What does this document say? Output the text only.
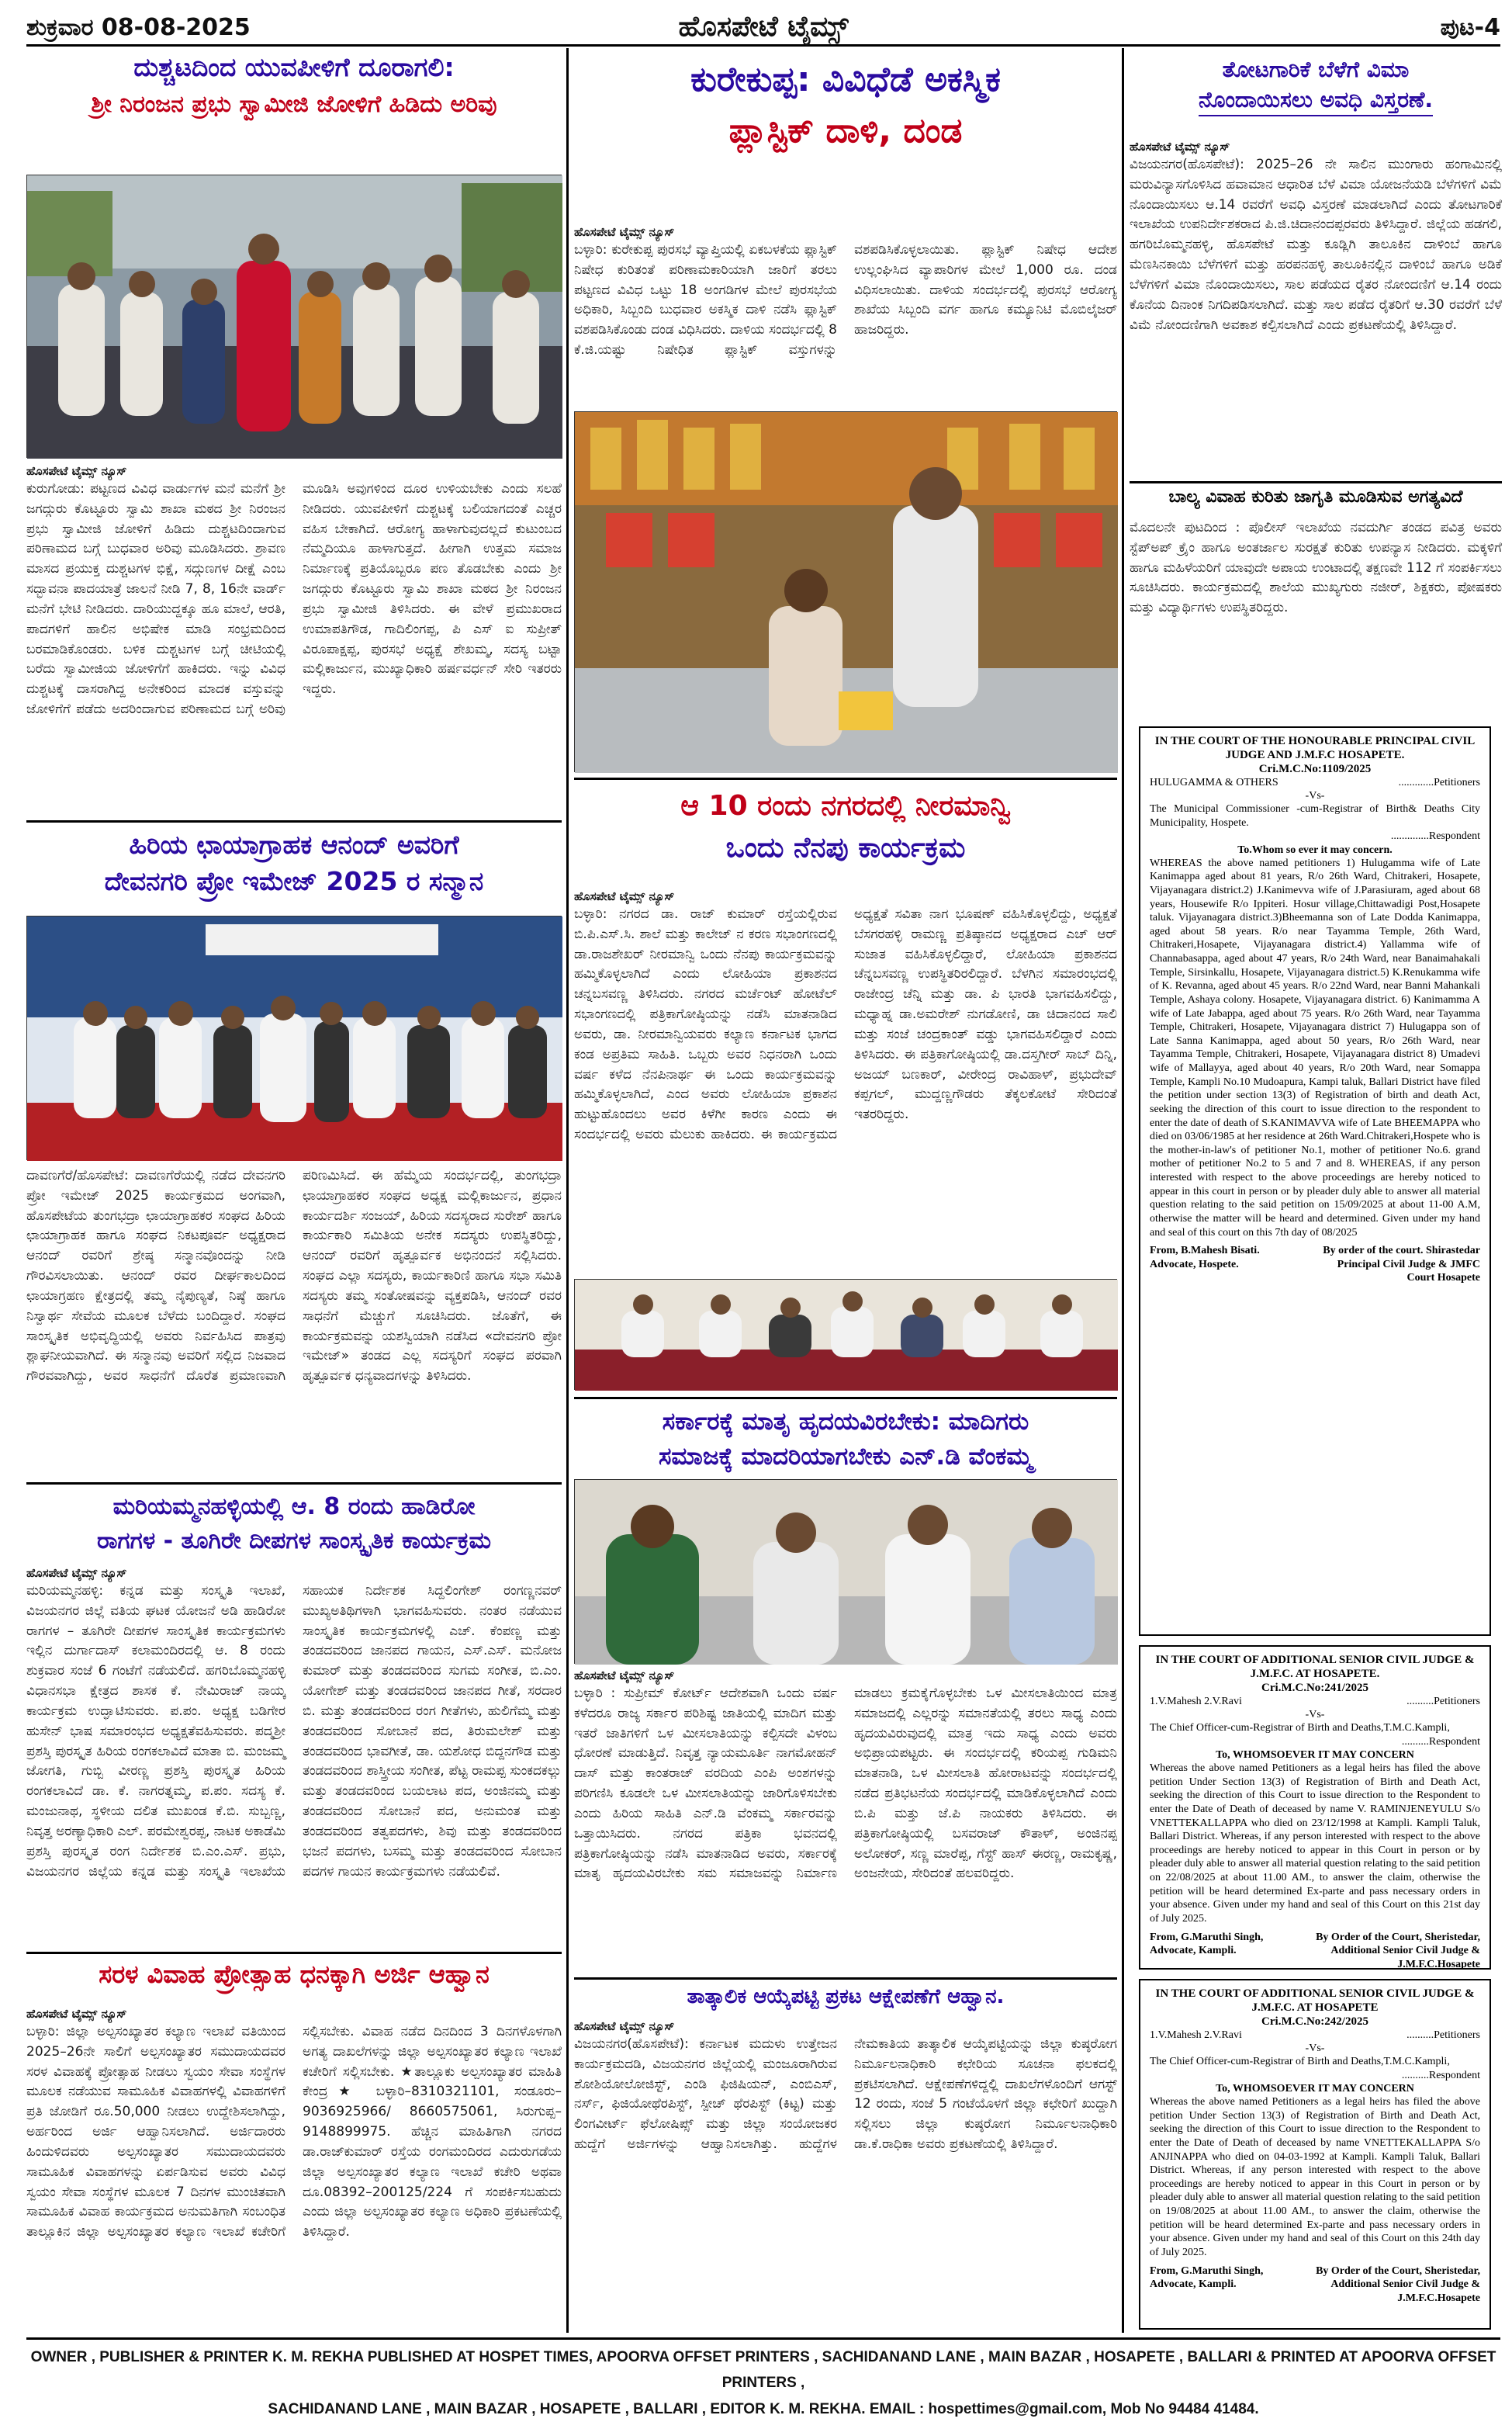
ಶುಕ್ರವಾರ 08-08-2025	ಹೊಸಪೇಟೆ ಟೈಮ್ಸ್	ಪುಟ-4
ದುಶ್ಚಟದಿಂದ ಯುವಪೀಳಿಗೆ ದೂರಾಗಲಿ:
ಶ್ರೀ ನಿರಂಜನ ಪ್ರಭು ಸ್ವಾಮೀಜಿ ಜೋಳಿಗೆ ಹಿಡಿದು ಅರಿವು
ಹೊಸಪೇಟೆ ಟೈಮ್ಸ್ ನ್ಯೂಸ್
ಕುರುಗೋಡು: ಪಟ್ಟಣದ ವಿವಿಧ ವಾರ್ಡುಗಳ ಮನೆ ಮನೆಗೆ ಶ್ರೀ ಜಗದ್ಗುರು ಕೊಟ್ಟೂರು ಸ್ವಾಮಿ ಶಾಖಾ ಮಠದ ಶ್ರೀ ನಿರಂಜನ ಪ್ರಭು ಸ್ವಾಮೀಜಿ ಜೋಳಿಗೆ ಹಿಡಿದು ದುಶ್ಚಟದಿಂದಾಗುವ ಪರಿಣಾಮದ ಬಗ್ಗೆ ಬುಧವಾರ ಅರಿವು ಮೂಡಿಸಿದರು. ಶ್ರಾವಣ ಮಾಸದ ಪ್ರಯುಕ್ತ ದುಶ್ಚಟಗಳ ಭಿಕ್ಷೆ, ಸದ್ಗುಣಗಳ ದೀಕ್ಷೆ ಎಂಬ ಸದ್ಭಾವನಾ ಪಾದಯಾತ್ರೆ ಜಾಲನೆ ನೀಡಿ 7, 8, 16ನೇ ವಾರ್ಡ್ ಮನೆಗೆ ಭೇಟಿ ನೀಡಿದರು. ದಾರಿಯುದ್ದಕ್ಕೂ ಹೂ ಮಾಲೆ, ಆರತಿ, ಪಾದಗಳಿಗೆ ಹಾಲಿನ ಅಭಿಷೇಕ ಮಾಡಿ ಸಂಭ್ರಮದಿಂದ ಬರಮಾಡಿಕೊಂಡರು. ಬಳಿಕ ದುಶ್ಚಟಗಳ ಬಗ್ಗೆ ಚೀಟಿಯಲ್ಲಿ ಬರೆದು ಸ್ವಾಮೀಜಿಯ ಜೋಳಿಗೆಗೆ ಹಾಕಿದರು. ಇನ್ನು ವಿವಿಧ ದುಶ್ಚಟಕ್ಕೆ ದಾಸರಾಗಿದ್ದ ಅನೇಕರಿಂದ ಮಾದಕ ವಸ್ತುವನ್ನು ಜೋಳಿಗೆಗೆ ಪಡೆದು ಅದರಿಂದಾಗುವ ಪರಿಣಾಮದ ಬಗ್ಗೆ ಅರಿವು ಮೂಡಿಸಿ ಅವುಗಳಿಂದ ದೂರ ಉಳಿಯಬೇಕು ಎಂದು ಸಲಹೆ ನೀಡಿದರು. ಯುವಪೀಳಿಗೆ ದುಶ್ಚಟಕ್ಕೆ ಬಲಿಯಾಗದಂತೆ ಎಚ್ಚರ ವಹಿಸ ಬೇಕಾಗಿದೆ. ಆರೋಗ್ಯ ಹಾಳಾಗುವುದಲ್ಲದೆ ಕುಟುಂಬದ ನೆಮ್ಮದಿಯೂ ಹಾಳಾಗುತ್ತದೆ. ಹೀಗಾಗಿ ಉತ್ತಮ ಸಮಾಜ ನಿರ್ಮಾಣಕ್ಕೆ ಪ್ರತಿಯೊಬ್ಬರೂ ಪಣ ತೊಡಬೇಕು ಎಂದು ಶ್ರೀ ಜಗದ್ಗುರು ಕೊಟ್ಟೂರು ಸ್ವಾಮಿ ಶಾಖಾ ಮಠದ ಶ್ರೀ ನಿರಂಜನ ಪ್ರಭು ಸ್ವಾಮೀಜಿ ತಿಳಿಸಿದರು. ಈ ವೇಳೆ ಪ್ರಮುಖರಾದ ಉಮಾಪತಿಗೌಡ, ಗಾದಿಲಿಂಗಪ್ಪ, ಪಿ ಎಸ್ ಐ ಸುಪ್ರೀತ್ ವಿರೂಪಾಕ್ಷಪ್ಪ, ಪುರಸಭೆ ಅಧ್ಯಕ್ಷೆ ಶೇಖಮ್ಮ, ಸದಸ್ಯ ಬಟ್ಟಾ ಮಲ್ಲಿಕಾರ್ಜುನ, ಮುಖ್ಯಾಧಿಕಾರಿ ಹರ್ಷವರ್ಧನ್ ಸೇರಿ ಇತರರು ಇದ್ದರು.
ಹಿರಿಯ ಛಾಯಾಗ್ರಾಹಕ ಆನಂದ್ ಅವರಿಗೆ
ದೇವನಗರಿ ಪ್ರೋ ಇಮೇಜ್ 2025 ರ ಸನ್ಮಾನ
ದಾವಣಗೆರೆ/ಹೊಸಪೇಟೆ: ದಾವಣಗೆರೆಯಲ್ಲಿ ನಡೆದ ದೇವನಗರಿ ಪ್ರೋ ಇಮೇಜ್ 2025 ಕಾರ್ಯಕ್ರಮದ ಅಂಗವಾಗಿ, ಹೊಸಪೇಟೆಯ ತುಂಗಭದ್ರಾ ಛಾಯಾಗ್ರಾಹಕರ ಸಂಘದ ಹಿರಿಯ ಛಾಯಾಗ್ರಾಹಕ ಹಾಗೂ ಸಂಘದ ನಿಕಟಪೂರ್ವ ಅಧ್ಯಕ್ಷರಾದ ಆನಂದ್ ರವರಿಗೆ ಶ್ರೇಷ್ಠ ಸನ್ಮಾನವೊಂದನ್ನು ನೀಡಿ ಗೌರವಿಸಲಾಯಿತು. ಆನಂದ್ ರವರ ದೀರ್ಘಕಾಲದಿಂದ ಛಾಯಾಗ್ರಹಣ ಕ್ಷೇತ್ರದಲ್ಲಿ ತಮ್ಮ ನೈಪುಣ್ಯತೆ, ನಿಷ್ಠೆ ಹಾಗೂ ನಿಸ್ವಾರ್ಥ ಸೇವೆಯ ಮೂಲಕ ಬೆಳೆದು ಬಂದಿದ್ದಾರೆ. ಸಂಘದ ಸಾಂಸ್ಕೃತಿಕ ಅಭಿವೃದ್ಧಿಯಲ್ಲಿ ಅವರು ನಿರ್ವಹಿಸಿದ ಪಾತ್ರವು ಶ್ಲಾಘನೀಯವಾಗಿದೆ. ಈ ಸನ್ಮಾನವು ಅವರಿಗೆ ಸಲ್ಲಿದ ನಿಜವಾದ ಗೌರವವಾಗಿದ್ದು, ಅವರ ಸಾಧನೆಗೆ ದೊರೆತ ಪ್ರಮಾಣವಾಗಿ ಪರಿಣಮಿಸಿದೆ. ಈ ಹೆಮ್ಮೆಯ ಸಂದರ್ಭದಲ್ಲಿ, ತುಂಗಭದ್ರಾ ಛಾಯಾಗ್ರಾಹಕರ ಸಂಘದ ಅಧ್ಯಕ್ಷ ಮಲ್ಲಿಕಾರ್ಜುನ, ಪ್ರಧಾನ ಕಾರ್ಯದರ್ಶಿ ಸಂಜಯ್, ಹಿರಿಯ ಸದಸ್ಯರಾದ ಸುರೇಶ್ ಹಾಗೂ ಕಾರ್ಯಕಾರಿ ಸಮಿತಿಯ ಅನೇಕ ಸದಸ್ಯರು ಉಪಸ್ಥಿತರಿದ್ದು, ಆನಂದ್ ರವರಿಗೆ ಹೃತ್ಪೂರ್ವಕ ಅಭಿನಂದನೆ ಸಲ್ಲಿಸಿದರು. ಸಂಘದ ಎಲ್ಲಾ ಸದಸ್ಯರು, ಕಾರ್ಯಕಾರಿಣಿ ಹಾಗೂ ಸಭಾ ಸಮಿತಿ ಸದಸ್ಯರು ತಮ್ಮ ಸಂತೋಷವನ್ನು ವ್ಯಕ್ತಪಡಿಸಿ, ಆನಂದ್ ರವರ ಸಾಧನೆಗೆ ಮೆಚ್ಚುಗೆ ಸೂಚಿಸಿದರು. ಜೊತೆಗೆ, ಈ ಕಾರ್ಯಕ್ರಮವನ್ನು ಯಶಸ್ವಿಯಾಗಿ ನಡೆಸಿದ «ದೇವನಗರಿ ಪ್ರೋ ಇಮೇಜ್» ತಂಡದ ಎಲ್ಲ ಸದಸ್ಯರಿಗೆ ಸಂಘದ ಪರವಾಗಿ ಹೃತ್ಪೂರ್ವಕ ಧನ್ಯವಾದಗಳನ್ನು ತಿಳಿಸಿದರು.
ಮರಿಯಮ್ಮನಹಳ್ಳಿಯಲ್ಲಿ ಆ. 8 ರಂದು ಹಾಡಿರೋ
ರಾಗಗಳ - ತೂಗಿರೇ ದೀಪಗಳ ಸಾಂಸ್ಕೃತಿಕ ಕಾರ್ಯಕ್ರಮ
ಹೊಸಪೇಟೆ ಟೈಮ್ಸ್ ನ್ಯೂಸ್
ಮರಿಯಮ್ಮನಹಳ್ಳಿ: ಕನ್ನಡ ಮತ್ತು ಸಂಸ್ಕೃತಿ ಇಲಾಖೆ, ವಿಜಯನಗರ ಜಿಲ್ಲೆ ವತಿಯ ಘಟಕ ಯೋಜನೆ ಅಡಿ ಹಾಡಿರೋ ರಾಗಗಳ – ತೂಗಿರೇ ದೀಪಗಳ ಸಾಂಸ್ಕೃತಿಕ ಕಾರ್ಯಕ್ರಮಗಳು ಇಲ್ಲಿನ ದುರ್ಗಾದಾಸ್ ಕಲಾಮಂದಿರದಲ್ಲಿ ಆ. 8 ರಂದು ಶುಕ್ರವಾರ ಸಂಜೆ 6 ಗಂಟೆಗೆ ನಡೆಯಲಿದೆ. ಹಗರಿಬೊಮ್ಮನಹಳ್ಳಿ ವಿಧಾನಸಭಾ ಕ್ಷೇತ್ರದ ಶಾಸಕ ಕೆ. ನೇಮಿರಾಜ್ ನಾಯ್ಕ ಕಾರ್ಯಕ್ರಮ ಉದ್ಘಾಟಿಸುವರು. ಪ.ಪಂ. ಅಧ್ಯಕ್ಷ ಬಡಿಗೇರ ಹುಸೇನ್ ಭಾಷ ಸಮಾರಂಭದ ಅಧ್ಯಕ್ಷತೆವಹಿಸುವರು. ಪದ್ಮಶ್ರೀ ಪ್ರಶಸ್ತಿ ಪುರಸ್ಕೃತ ಹಿರಿಯ ರಂಗಕಲಾವಿದೆ ಮಾತಾ ಬಿ. ಮಂಜಮ್ಮ ಜೋಗತಿ, ಗುಬ್ಬಿ ವೀರಣ್ಣ ಪ್ರಶಸ್ತಿ ಪುರಸ್ಕೃತ ಹಿರಿಯ ರಂಗಕಲಾವಿದೆ ಡಾ. ಕೆ. ನಾಗರತ್ನಮ್ಮ, ಪ.ಪಂ. ಸದಸ್ಯ ಕೆ. ಮಂಜುನಾಥ, ಸ್ಥಳೀಯ ದಲಿತ ಮುಖಂಡ ಕೆ.ಬಿ. ಸುಬ್ಬಣ್ಣ, ನಿವೃತ್ತ ಅರಣ್ಯಾಧಿಕಾರಿ ಎಲ್. ಪರಮೇಶ್ವರಪ್ಪ, ನಾಟಕ ಅಕಾಡೆಮಿ ಪ್ರಶಸ್ತಿ ಪುರಸ್ಕೃತ ರಂಗ ನಿರ್ದೇಶಕ ಬಿ.ಎಂ.ಎಸ್. ಪ್ರಭು, ವಿಜಯನಗರ ಜಿಲ್ಲೆಯ ಕನ್ನಡ ಮತ್ತು ಸಂಸ್ಕೃತಿ ಇಲಾಖೆಯ ಸಹಾಯಕ ನಿರ್ದೇಶಕ ಸಿದ್ದಲಿಂಗೇಶ್ ರಂಗಣ್ಣನವರ್ ಮುಖ್ಯಅತಿಥಿಗಳಾಗಿ ಭಾಗವಹಿಸುವರು. ನಂತರ ನಡೆಯುವ ಸಾಂಸ್ಕೃತಿಕ ಕಾರ್ಯಕ್ರಮಗಳಲ್ಲಿ ಎಚ್. ಕೆಂಪಣ್ಣ ಮತ್ತು ತಂಡದವರಿಂದ ಜಾನಪದ ಗಾಯನ, ಎಸ್.ಎಸ್. ಮನೋಜ ಕುಮಾರ್ ಮತ್ತು ತಂಡದವರಿಂದ ಸುಗಮ ಸಂಗೀತ, ಬಿ.ಎಂ. ಯೋಗೇಶ್ ಮತ್ತು ತಂಡದವರಿಂದ ಜಾನಪದ ಗೀತೆ, ಸರದಾರ ಬಿ. ಮತ್ತು ತಂಡದವರಿಂದ ರಂಗ ಗೀತೆಗಳು, ಹುಲಿಗೆಮ್ಮ ಮತ್ತು ತಂಡದವರಿಂದ ಸೋಬಾನೆ ಪದ, ತಿರುಮಲೇಶ್ ಮತ್ತು ತಂಡದವರಿಂದ ಭಾವಗೀತೆ, ಡಾ. ಯಶೋಧ ಬಿದ್ದನಗೌಡ ಮತ್ತು ತಂಡದವರಿಂದ ಶಾಸ್ತ್ರೀಯ ಸಂಗೀತ, ಪೆಟ್ಟ ರಾಮಪ್ಪ ಸುಂಕದಕಲ್ಲು ಮತ್ತು ತಂಡದವರಿಂದ ಬಯಲಾಟ ಪದ, ಅಂಜಿನಮ್ಮ ಮತ್ತು ತಂಡದವರಿಂದ ಸೋಬಾನೆ ಪದ, ಅನುಮಂತ ಮತ್ತು ತಂಡದವರಿಂದ ತತ್ವಪದಗಳು, ಶಿವು ಮತ್ತು ತಂಡದವರಿಂದ ಭಜನೆ ಪದಗಳು, ಬಸಮ್ಮ ಮತ್ತು ತಂಡದವರಿಂದ ಸೋಬಾನ ಪದಗಳ ಗಾಯನ ಕಾರ್ಯಕ್ರಮಗಳು ನಡೆಯಲಿವೆ.
ಸರಳ ವಿವಾಹ ಪ್ರೋತ್ಸಾಹ ಧನಕ್ಕಾಗಿ ಅರ್ಜಿ ಆಹ್ವಾನ
ಹೊಸಪೇಟೆ ಟೈಮ್ಸ್ ನ್ಯೂಸ್
ಬಳ್ಳಾರಿ: ಜಿಲ್ಲಾ ಅಲ್ಪಸಂಖ್ಯಾತರ ಕಲ್ಯಾಣ ಇಲಾಖೆ ವತಿಯಿಂದ 2025–26ನೇ ಸಾಲಿಗೆ ಅಲ್ಪಸಂಖ್ಯಾತರ ಸಮುದಾಯದವರ ಸರಳ ವಿವಾಹಕ್ಕೆ ಪ್ರೋತ್ಸಾಹ ನೀಡಲು ಸ್ವಯಂ ಸೇವಾ ಸಂಸ್ಥೆಗಳ ಮೂಲಕ ನಡೆಯುವ ಸಾಮೂಹಿಕ ವಿವಾಹಗಳಲ್ಲಿ ವಿವಾಹಗಳಿಗೆ ಪ್ರತಿ ಜೋಡಿಗೆ ರೂ.50,000 ನೀಡಲು ಉದ್ದೇಶಿಸಲಾಗಿದ್ದು, ಅರ್ಹರಿಂದ ಅರ್ಜಿ ಆಹ್ವಾನಿಸಲಾಗಿದೆ. ಅರ್ಜಿದಾರರು ಹಿಂದುಳಿದವರು ಅಲ್ಪಸಂಖ್ಯಾತರ ಸಮುದಾಯದವರು ಸಾಮೂಹಿಕ ವಿವಾಹಗಳನ್ನು ಏರ್ಪಡಿಸುವ ಅವರು ವಿವಿಧ ಸ್ವಯಂ ಸೇವಾ ಸಂಸ್ಥೆಗಳ ಮೂಲಕ 7 ದಿನಗಳ ಮುಂಚಿತವಾಗಿ ಸಾಮೂಹಿಕ ವಿವಾಹ ಕಾರ್ಯಕ್ರಮದ ಅನುಮತಿಗಾಗಿ ಸಂಬಂಧಿತ ತಾಲ್ಲೂಕಿನ ಜಿಲ್ಲಾ ಅಲ್ಪಸಂಖ್ಯಾತರ ಕಲ್ಯಾಣ ಇಲಾಖೆ ಕಚೇರಿಗೆ ಸಲ್ಲಿಸಬೇಕು. ವಿವಾಹ ನಡೆದ ದಿನದಿಂದ 3 ದಿನಗಳೊಳಗಾಗಿ ಅಗತ್ಯ ದಾಖಲೆಗಳನ್ನು ಜಿಲ್ಲಾ ಅಲ್ಪಸಂಖ್ಯಾತರ ಕಲ್ಯಾಣ ಇಲಾಖೆ ಕಚೇರಿಗೆ ಸಲ್ಲಿಸಬೇಕು. ★ತಾಲ್ಲೂಕು ಅಲ್ಪಸಂಖ್ಯಾತರ ಮಾಹಿತಿ ಕೇಂದ್ರ★ ಬಳ್ಳಾರಿ–8310321101, ಸಂಡೂರು–9036925966/ 8660575061, ಸಿರುಗುಪ್ಪ–9148899975. ಹೆಚ್ಚಿನ ಮಾಹಿತಿಗಾಗಿ ನಗರದ ಡಾ.ರಾಜ್‍ಕುಮಾರ್ ರಸ್ತೆಯ ರಂಗಮಂದಿರದ ಎದುರುಗಡೆಯ ಜಿಲ್ಲಾ ಅಲ್ಪಸಂಖ್ಯಾತರ ಕಲ್ಯಾಣ ಇಲಾಖೆ ಕಚೇರಿ ಅಥವಾ ದೂ.08392–200125/224 ಗೆ ಸಂಪರ್ಕಿಸಬಹುದು ಎಂದು ಜಿಲ್ಲಾ ಅಲ್ಪಸಂಖ್ಯಾತರ ಕಲ್ಯಾಣ ಅಧಿಕಾರಿ ಪ್ರಕಟಣೆಯಲ್ಲಿ ತಿಳಿಸಿದ್ದಾರೆ.
ಕುರೇಕುಪ್ಪ: ವಿವಿಧೆಡೆ ಅಕಸ್ಮಿಕ
ಪ್ಲಾಸ್ಟಿಕ್ ದಾಳಿ, ದಂಡ
ಹೊಸಪೇಟೆ ಟೈಮ್ಸ್ ನ್ಯೂಸ್
ಬಳ್ಳಾರಿ: ಕುರೇಕುಪ್ಪ ಪುರಸಭೆ ವ್ಯಾಪ್ತಿಯಲ್ಲಿ ಏಕಬಳಕೆಯ ಪ್ಲಾಸ್ಟಿಕ್ ನಿಷೇಧ ಕುರಿತಂತೆ ಪರಿಣಾಮಕಾರಿಯಾಗಿ ಜಾರಿಗೆ ತರಲು ಪಟ್ಟಣದ ವಿವಿಧ ಒಟ್ಟು 18 ಅಂಗಡಿಗಳ ಮೇಲೆ ಪುರಸಭೆಯ ಅಧಿಕಾರಿ, ಸಿಬ್ಬಂದಿ ಬುಧವಾರ ಅಕಸ್ಮಿಕ ದಾಳಿ ನಡೆಸಿ ಪ್ಲಾಸ್ಟಿಕ್ ವಶಪಡಿಸಿಕೊಂಡು ದಂಡ ವಿಧಿಸಿದರು. ದಾಳಿಯ ಸಂದರ್ಭದಲ್ಲಿ 8 ಕೆ.ಜಿ.ಯಷ್ಟು ನಿಷೇಧಿತ ಪ್ಲಾಸ್ಟಿಕ್ ವಸ್ತುಗಳನ್ನು ವಶಪಡಿಸಿಕೊಳ್ಳಲಾಯಿತು. ಪ್ಲಾಸ್ಟಿಕ್ ನಿಷೇಧ ಆದೇಶ ಉಲ್ಲಂಘಿಸಿದ ವ್ಯಾಪಾರಿಗಳ ಮೇಲೆ 1,000 ರೂ. ದಂಡ ವಿಧಿಸಲಾಯಿತು. ದಾಳಿಯ ಸಂದರ್ಭದಲ್ಲಿ ಪುರಸಭೆ ಆರೋಗ್ಯ ಶಾಖೆಯ ಸಿಬ್ಬಂದಿ ವರ್ಗ ಹಾಗೂ ಕಮ್ಯೂನಿಟಿ ಮೊಬಿಲೈಜರ್ ಹಾಜರಿದ್ದರು.
ಆ 10 ರಂದು ನಗರದಲ್ಲಿ ನೀರಮಾನ್ವಿ
ಒಂದು ನೆನಪು ಕಾರ್ಯಕ್ರಮ
ಹೊಸಪೇಟೆ ಟೈಮ್ಸ್ ನ್ಯೂಸ್
ಬಳ್ಳಾರಿ: ನಗರದ ಡಾ. ರಾಜ್ ಕುಮಾರ್ ರಸ್ತೆಯಲ್ಲಿರುವ ಬಿ.ಪಿ.ಎಸ್.ಸಿ. ಶಾಲೆ ಮತ್ತು ಕಾಲೇಜ್ ನ ಕರಣ ಸಭಾಂಗಣದಲ್ಲಿ ಡಾ.ರಾಜಶೇಖರ್ ನೀರಮಾನ್ವಿ ಒಂದು ನೆನಪು ಕಾರ್ಯಕ್ರಮವನ್ನು ಹಮ್ಮಿಕೊಳ್ಳಲಾಗಿದೆ ಎಂದು ಲೋಹಿಯಾ ಪ್ರಕಾಶನದ ಚನ್ನಬಸವಣ್ಣ ತಿಳಿಸಿದರು. ನಗರದ ಮರ್ಚೆಂಟ್ ಹೋಟೆಲ್ ಸಭಾಂಗಣದಲ್ಲಿ ಪತ್ರಿಕಾಗೋಷ್ಠಿಯನ್ನು ನಡೆಸಿ ಮಾತನಾಡಿದ ಅವರು, ಡಾ. ನೀರಮಾನ್ವಿಯವರು ಕಲ್ಯಾಣ ಕರ್ನಾಟಕ ಭಾಗದ ಕಂಡ ಅಪ್ರತಿಮ ಸಾಹಿತಿ. ಒಬ್ಬರು ಅವರ ನಿಧನರಾಗಿ ಒಂದು ವರ್ಷ ಕಳೆದ ನೆನಪಿನಾರ್ಥ ಈ ಒಂದು ಕಾರ್ಯಕ್ರಮವನ್ನು ಹಮ್ಮಿಕೊಳ್ಳಲಾಗಿದೆ, ಎಂದ ಅವರು ಲೋಹಿಯಾ ಪ್ರಕಾಶನ ಹುಟ್ಟುಹೊಂದಲು ಅವರ ಕಿಳೆಗೀ ಕಾರಣ ಎಂದು ಈ ಸಂದರ್ಭದಲ್ಲಿ ಅವರು ಮೆಲುಕು ಹಾಕಿದರು. ಈ ಕಾರ್ಯಕ್ರಮದ ಅಧ್ಯಕ್ಷತೆ ಸವಿತಾ ನಾಗ ಭೂಷಣ್ ವಹಿಸಿಕೊಳ್ಳಲಿದ್ದು, ಅಧ್ಯಕ್ಷತೆ ಬೆಸಗರಹಳ್ಳಿ ರಾಮಣ್ಣ ಪ್ರತಿಷ್ಠಾನದ ಅಧ್ಯಕ್ಷರಾದ ಎಚ್ ಆರ್ ಸುಜಾತ ವಹಿಸಿಕೊಳ್ಳಲಿದ್ದಾರೆ, ಲೋಹಿಯಾ ಪ್ರಕಾಶನದ ಚೆನ್ನಬಸವಣ್ಣ ಉಪಸ್ಥಿತರಿರಲಿದ್ದಾರೆ. ಬೆಳಗಿನ ಸಮಾರಂಭದಲ್ಲಿ ರಾಜೇಂದ್ರ ಚೆನ್ನಿ ಮತ್ತು ಡಾ. ಪಿ ಭಾರತಿ ಭಾಗವಹಿಸಲಿದ್ದು, ಮಧ್ಯಾಹ್ನ ಡಾ.ಅಮರೇಶ್ ನುಗಡೋಣಿ, ಡಾ ಚಿದಾನಂದ ಸಾಲಿ ಮತ್ತು ಸಂಜೆ ಚಂದ್ರಕಾಂತ್ ವಡ್ಡು ಭಾಗವಹಿಸಲಿದ್ದಾರೆ ಎಂದು ತಿಳಿಸಿದರು. ಈ ಪತ್ರಿಕಾಗೋಷ್ಠಿಯಲ್ಲಿ ಡಾ.ದಸ್ತಗೀರ್ ಸಾಬ್ ದಿನ್ನಿ, ಅಜಯ್ ಬಣಕಾರ್, ವೀರೇಂದ್ರ ರಾವಿಹಾಳ್, ಪ್ರಭುದೇವ್ ಕಪ್ಪಗಲ್, ಮುದ್ದಣ್ಣಗೌಡರು ತೆಕ್ಕಲಕೋಟೆ ಸೇರಿದಂತೆ ಇತರರಿದ್ದರು.
ಸರ್ಕಾರಕ್ಕೆ ಮಾತೃ ಹೃದಯವಿರಬೇಕು: ಮಾದಿಗರು
ಸಮಾಜಕ್ಕೆ ಮಾದರಿಯಾಗಬೇಕು ಎನ್.ಡಿ ವೆಂಕಮ್ಮ
ಹೊಸಪೇಟೆ ಟೈಮ್ಸ್ ನ್ಯೂಸ್
ಬಳ್ಳಾರಿ : ಸುಪ್ರೀಮ್ ಕೋರ್ಟ್ ಆದೇಶವಾಗಿ ಒಂದು ವರ್ಷ ಕಳೆದರೂ ರಾಜ್ಯ ಸರ್ಕಾರ ಪರಿಶಿಷ್ಟ ಜಾತಿಯಲ್ಲಿ ಮಾದಿಗ ಮತ್ತು ಇತರೆ ಜಾತಿಗಳಿಗೆ ಒಳ ಮೀಸಲಾತಿಯನ್ನು ಕಲ್ಪಿಸದೇ ವಿಳಂಬ ಧೋರಣೆ ಮಾಡುತ್ತಿದೆ. ನಿವೃತ್ತ ನ್ಯಾಯಮೂರ್ತಿ ನಾಗಮೋಹನ್ ದಾಸ್ ಮತ್ತು ಕಾಂತರಾಜ್ ವರದಿಯ ಎಂಪಿ ಅಂಶಗಳನ್ನು ಪರಿಗಣಿಸಿ ಕೂಡಲೇ ಒಳ ಮೀಸಲಾತಿಯನ್ನು ಜಾರಿಗೊಳಿಸಬೇಕು ಎಂದು ಹಿರಿಯ ಸಾಹಿತಿ ಎನ್.ಡಿ ವೆಂಕಮ್ಮ ಸರ್ಕಾರವನ್ನು ಒತ್ತಾಯಿಸಿದರು. ನಗರದ ಪತ್ರಿಕಾ ಭವನದಲ್ಲಿ ಪತ್ರಿಕಾಗೋಷ್ಠಿಯನ್ನು ನಡೆಸಿ ಮಾತನಾಡಿದ ಅವರು, ಸರ್ಕಾರಕ್ಕೆ ಮಾತೃ ಹೃದಯವಿರಬೇಕು ಸಮ ಸಮಾಜವನ್ನು ನಿರ್ಮಾಣ ಮಾಡಲು ಕ್ರಮಕೈಗೊಳ್ಳಬೇಕು ಒಳ ಮೀಸಲಾತಿಯಿಂದ ಮಾತ್ರ ಸಮಾಜದಲ್ಲಿ ಎಲ್ಲರನ್ನು ಸಮಾನತೆಯಲ್ಲಿ ತರಲು ಸಾಧ್ಯ ಎಂದು ಹೃದಯವಿರುವುದಲ್ಲಿ ಮಾತ್ರ ಇದು ಸಾಧ್ಯ ಎಂದು ಅವರು ಅಭಿಪ್ರಾಯಪಟ್ಟರು. ಈ ಸಂದರ್ಭದಲ್ಲಿ ಕರಿಯಪ್ಪ ಗುಡಿಮನಿ ಮಾತನಾಡಿ, ಒಳ ಮೀಸಲಾತಿ ಹೋರಾಟವನ್ನು ಸಂದರ್ಭದಲ್ಲಿ ನಡೆದ ಪ್ರತಿಭಟನೆಯ ಸಂದರ್ಭದಲ್ಲಿ ಮಾಡಿಕೊಳ್ಳಲಾಗಿದೆ ಎಂದು ಬಿ.ಪಿ ಮತ್ತು ಜೆ.ಪಿ ನಾಯಕರು ತಿಳಿಸಿದರು. ಈ ಪತ್ರಿಕಾಗೋಷ್ಠಿಯಲ್ಲಿ ಬಸವರಾಜ್ ಕೌತಾಳ್, ಅಂಜಿನಪ್ಪ ಅಲೋಕರ್, ಸಣ್ಣ ಮಾರೆಪ್ಪ, ಗೆಸ್ಟ್ ಹಾಸ್ ಈರಣ್ಣ, ರಾಮಕೃಷ್ಣ, ಅಂಜನೇಯ, ಸೇರಿದಂತೆ ಹಲವರಿದ್ದರು.
ತಾತ್ಕಾಲಿಕ ಆಯ್ಕೆಪಟ್ಟಿ ಪ್ರಕಟ ಆಕ್ಷೇಪಣೆಗೆ ಆಹ್ವಾನ.
ಹೊಸಪೇಟೆ ಟೈಮ್ಸ್ ನ್ಯೂಸ್
ವಿಜಯನಗರ(ಹೊಸಪೇಟೆ): ಕರ್ನಾಟಕ ಮದುಳು ಉತ್ತೇಜನ ಕಾರ್ಯಕ್ರಮದಡಿ, ವಿಜಯನಗರ ಜಿಲ್ಲೆಯಲ್ಲಿ ಮಂಜೂರಾಗಿರುವ ಶೋಶಿಯೋಲೋಜಿಸ್ಟ್, ಎಂಡಿ ಫಿಜಿಷಿಯನ್, ಎಂಬಿಎಸ್, ನರ್ಸ್, ಫಿಜಿಯೋಥೆರಪಿಸ್ಟ್, ಸ್ಪೀಚ್ ಥೆರಪಿಸ್ಟ್ (ಕಿಟ್ಟ) ಮತ್ತು ಲಿಂಗವೀರ್ಟ್ ಫೆಲೋಷಿಪ್ಸ್ ಮತ್ತು ಜಿಲ್ಲಾ ಸಂಯೋಜಕರ ಹುದ್ದೆಗೆ ಅರ್ಜಿಗಳನ್ನು ಆಹ್ವಾನಿಸಲಾಗಿತ್ತು. ಹುದ್ದೆಗಳ ನೇಮಕಾತಿಯ ತಾತ್ಕಾಲಿಕ ಆಯ್ಕೆಪಟ್ಟಿಯನ್ನು ಜಿಲ್ಲಾ ಕುಷ್ಠರೋಗ ನಿರ್ಮೂಲನಾಧಿಕಾರಿ ಕಛೇರಿಯ ಸೂಚನಾ ಫಲಕದಲ್ಲಿ ಪ್ರಕಟಿಸಲಾಗಿದೆ. ಆಕ್ಷೇಪಣೆಗಳಿದ್ದಲ್ಲಿ ದಾಖಲೆಗಳೊಂದಿಗೆ ಆಗಸ್ಟ್ 12 ರಂದು, ಸಂಜೆ 5 ಗಂಟೆಯೊಳಗೆ ಜಿಲ್ಲಾ ಕಛೇರಿಗೆ ಖುದ್ದಾಗಿ ಸಲ್ಲಿಸಲು ಜಿಲ್ಲಾ ಕುಷ್ಠರೋಗ ನಿರ್ಮೂಲನಾಧಿಕಾರಿ ಡಾ.ಕೆ.ರಾಧಿಕಾ ಅವರು ಪ್ರಕಟಣೆಯಲ್ಲಿ ತಿಳಿಸಿದ್ದಾರೆ.
ತೋಟಗಾರಿಕೆ ಬೆಳೆಗೆ ವಿಮಾ
ನೊಂದಾಯಿಸಲು ಅವಧಿ ವಿಸ್ತರಣೆ.
ಹೊಸಪೇಟೆ ಟೈಮ್ಸ್ ನ್ಯೂಸ್
ವಿಜಯನಗರ(ಹೊಸಪೇಟೆ): 2025–26 ನೇ ಸಾಲಿನ ಮುಂಗಾರು ಹಂಗಾಮಿನಲ್ಲಿ ಮರುವಿನ್ಯಾಸಗೊಳಿಸಿದ ಹವಾಮಾನ ಆಧಾರಿತ ಬೆಳೆ ವಿಮಾ ಯೋಜನೆಯಡಿ ಬೆಳೆಗಳಿಗೆ ವಿಮೆ ನೊಂದಾಯಿಸಲು ಆ.14 ರವರೆಗೆ ಅವಧಿ ವಿಸ್ತರಣೆ ಮಾಡಲಾಗಿದೆ ಎಂದು ತೋಟಗಾರಿಕೆ ಇಲಾಖೆಯ ಉಪನಿರ್ದೇಶಕರಾದ ಪಿ.ಜಿ.ಚಿದಾನಂದಪ್ಪರವರು ತಿಳಿಸಿದ್ದಾರೆ. ಜಿಲ್ಲೆಯ ಹಡಗಲಿ, ಹಗರಿಬೊಮ್ಮನಹಳ್ಳಿ, ಹೊಸಪೇಟೆ ಮತ್ತು ಕೂಡ್ಲಿಗಿ ತಾಲೂಕಿನ ದಾಳಿಂಬೆ ಹಾಗೂ ಮೆಣಸಿನಕಾಯಿ ಬೆಳೆಗಳಿಗೆ ಮತ್ತು ಹರಪನಹಳ್ಳಿ ತಾಲೂಕಿನಲ್ಲಿನ ದಾಳಿಂಬೆ ಹಾಗೂ ಅಡಿಕೆ ಬೆಳೆಗಳಿಗೆ ವಿಮಾ ನೊಂದಾಯಿಸಲು, ಸಾಲ ಪಡೆಯದ ರೈತರ ನೋಂದಣಿಗೆ ಆ.14 ರಂದು ಕೊನೆಯ ದಿನಾಂಕ ನಿಗದಿಪಡಿಸಲಾಗಿದೆ. ಮತ್ತು ಸಾಲ ಪಡೆದ ರೈತರಿಗೆ ಆ.30 ರವರೆಗೆ ಬೆಳೆ ವಿಮೆ ನೋಂದಣಿಗಾಗಿ ಅವಕಾಶ ಕಲ್ಪಿಸಲಾಗಿದೆ ಎಂದು ಪ್ರಕಟಣೆಯಲ್ಲಿ ತಿಳಿಸಿದ್ದಾರೆ.
ಬಾಲ್ಯ ವಿವಾಹ ಕುರಿತು ಜಾಗೃತಿ ಮೂಡಿಸುವ ಅಗತ್ಯವಿದೆ
ಮೊದಲನೇ ಪುಟದಿಂದ : ಪೊಲೀಸ್ ಇಲಾಖೆಯ ನವದುರ್ಗಿ ತಂಡದ ಪವಿತ್ರ ಅವರು ಸ್ಟೆಪ್‍ಅಪ್ ಕ್ರೈಂ ಹಾಗೂ ಅಂತರ್ಜಾಲ ಸುರಕ್ಷತೆ ಕುರಿತು ಉಪನ್ಯಾಸ ನೀಡಿದರು. ಮಕ್ಕಳಿಗೆ ಹಾಗೂ ಮಹಿಳೆಯರಿಗೆ ಯಾವುದೇ ಅಪಾಯ ಉಂಟಾದಲ್ಲಿ ತಕ್ಷಣವೇ 112 ಗೆ ಸಂಪರ್ಕಿಸಲು ಸೂಚಿಸಿದರು. ಕಾರ್ಯಕ್ರಮದಲ್ಲಿ ಶಾಲೆಯ ಮುಖ್ಯಗುರು ನಜೀರ್, ಶಿಕ್ಷಕರು, ಪೋಷಕರು ಮತ್ತು ವಿದ್ಯಾರ್ಥಿಗಳು ಉಪಸ್ಥಿತರಿದ್ದರು.
IN THE COURT OF THE HONOURABLE PRINCIPAL CIVIL JUDGE AND J.M.F.C HOSAPETE.
Cri.M.C.No:1109/2025
HULUGAMMA & OTHERS	.............Petitioners
-Vs-
The Municipal Commissioner -cum-Registrar of Birth& Deaths City Municipality, Hospete.
..............Respondent
To.Whom so ever it may concern.
WHEREAS the above named petitioners 1) Hulugamma wife of Late Kanimappa aged about 81 years, R/o 26th Ward, Chitrakeri, Hosapete, Vijayanagara district.2) J.Kanimevva wife of J.Parasiuram, aged about 68 years, Housewife R/o Ippiteri. Hosur village,Chittawadigi Post,Hosapete taluk. Vijayanagara district.3)Bheemanna son of Late Dodda Kanimappa, aged about 58 years. R/o near Tayamma Temple, 26th Ward, Chitrakeri,Hosapete, Vijayanagara district.4) Yallamma wife of Channabasappa, aged about 47 years, R/o 24th Ward, near Banaimahakali Temple, Sirsinkallu, Hosapete, Vijayanagara district.5) K.Renukamma wife of K. Revanna, aged about 45 years. R/o 22nd Ward, near Banni Mahankali Temple, Ashaya colony. Hosapete, Vijayanagara district. 6) Kanimamma A wife of Late Jabappa, aged about 75 years. R/o 26th Ward, near Tayamma Temple, Chitrakeri, Hosapete, Vijayanagara district 7) Hulugappa son of Late Sanna Kanimappa, aged about 50 years, R/o 26th Ward, near Tayamma Temple, Chitrakeri, Hosapete, Vijayanagara district 8) Umadevi wife of Mallayya, aged about 40 years, R/o 20th Ward, near Somappa Temple, Kampli No.10 Mudoapura, Kampi taluk, Ballari District have filed the petition under section 13(3) of Registration of birth and death Act, seeking the direction of this court to issue direction to the respondent to enter the date of death of S.KANIMAVVA wife of Late BHEEMAPPA who died on 03/06/1985 at her residence at 26th Ward.Chitrakeri,Hospete who is the mother-in-law's of petitioner No.1, mother of petitioner No.6. grand mother of petitioner No.2 to 5 and 7 and 8. WHEREAS, if any person interested with respect to the above proceedings are hereby noticed to appear in this court in person or by pleader duly able to answer all material question relating to the said petition on 15/09/2025 at about 11-00 A.M, otherwise the matter will be heard and determined. Given under my hand and seal of this court on this 7th day of 08/2025
From, B.Mahesh Bisati. Advocate, Hospete.
By order of the court. Shirastedar Principal Civil Judge & JMFC Court Hosapete
IN THE COURT OF ADDITIONAL SENIOR CIVIL JUDGE & J.M.F.C. AT HOSAPETE.
Cri.M.C.No:241/2025
1.V.Mahesh 2.V.Ravi	..........Petitioners
-Vs-
The Chief Officer-cum-Registrar of Birth and Deaths,T.M.C.Kampli,
..........Respondent
To, WHOMSOEVER IT MAY CONCERN
Whereas the above named Petitioners as a legal heirs has filed the above petition Under Section 13(3) of Registration of Birth and Death Act, seeking the direction of this Court to issue direction to the Respondent to enter the Date of Death of deceased by name V. RAMINJENEYULU S/o VNETTEKALLAPPA who died on 23/12/1998 at Kampli. Kampli Taluk, Ballari District. Whereas, if any person interested with respect to the above proceedings are hereby noticed to appear in this Court in person or by pleader duly able to answer all material question relating to the said petition on 22/08/2025 at about 11.00 AM., to answer the claim, otherwise the petition will be heard determined Ex-parte and pass necessary orders in your absence. Given under my hand and seal of this Court on this 21st day of July 2025.
From, G.Maruthi Singh, Advocate, Kampli.
By Order of the Court, Sheristedar, Additional Senior Civil Judge & J.M.F.C.Hosapete
IN THE COURT OF ADDITIONAL SENIOR CIVIL JUDGE & J.M.F.C. AT HOSAPETE
Cri.M.C.No:242/2025
1.V.Mahesh 2.V.Ravi	..........Petitioners
-Vs-
The Chief Officer-cum-Registrar of Birth and Deaths,T.M.C.Kampli,
..........Respondent
To, WHOMSOEVER IT MAY CONCERN
Whereas the above named Petitioners as a legal heirs has filed the above petition Under Section 13(3) of Registration of Birth and Death Act, seeking the direction of this Court to issue direction to the Respondent to enter the Date of Death of deceased by name VNETTEKALLAPPA S/o ANJINAPPA who died on 04-03-1992 at Kampli. Kampli Taluk, Ballari District. Whereas, if any person interested with respect to the above proceedings are hereby noticed to appear in this Court in person or by pleader duly able to answer all material question relating to the said petition on 19/08/2025 at about 11.00 AM., to answer the claim, otherwise the petition will be heard determined Ex-parte and pass necessary orders in your absence. Given under my hand and seal of this Court on this 24th day of July 2025.
From, G.Maruthi Singh, Advocate, Kampli.
By Order of the Court, Sheristedar, Additional Senior Civil Judge & J.M.F.C.Hosapete
OWNER , PUBLISHER & PRINTER K. M. REKHA PUBLISHED AT HOSPET TIMES, APOORVA OFFSET PRINTERS , SACHIDANAND LANE , MAIN BAZAR , HOSAPETE , BALLARI & PRINTED AT APOORVA OFFSET PRINTERS ,
SACHIDANAND LANE , MAIN BAZAR , HOSAPETE , BALLARI , EDITOR K. M. REKHA. EMAIL : hospettimes@gmail.com, Mob No 94484 41484.
